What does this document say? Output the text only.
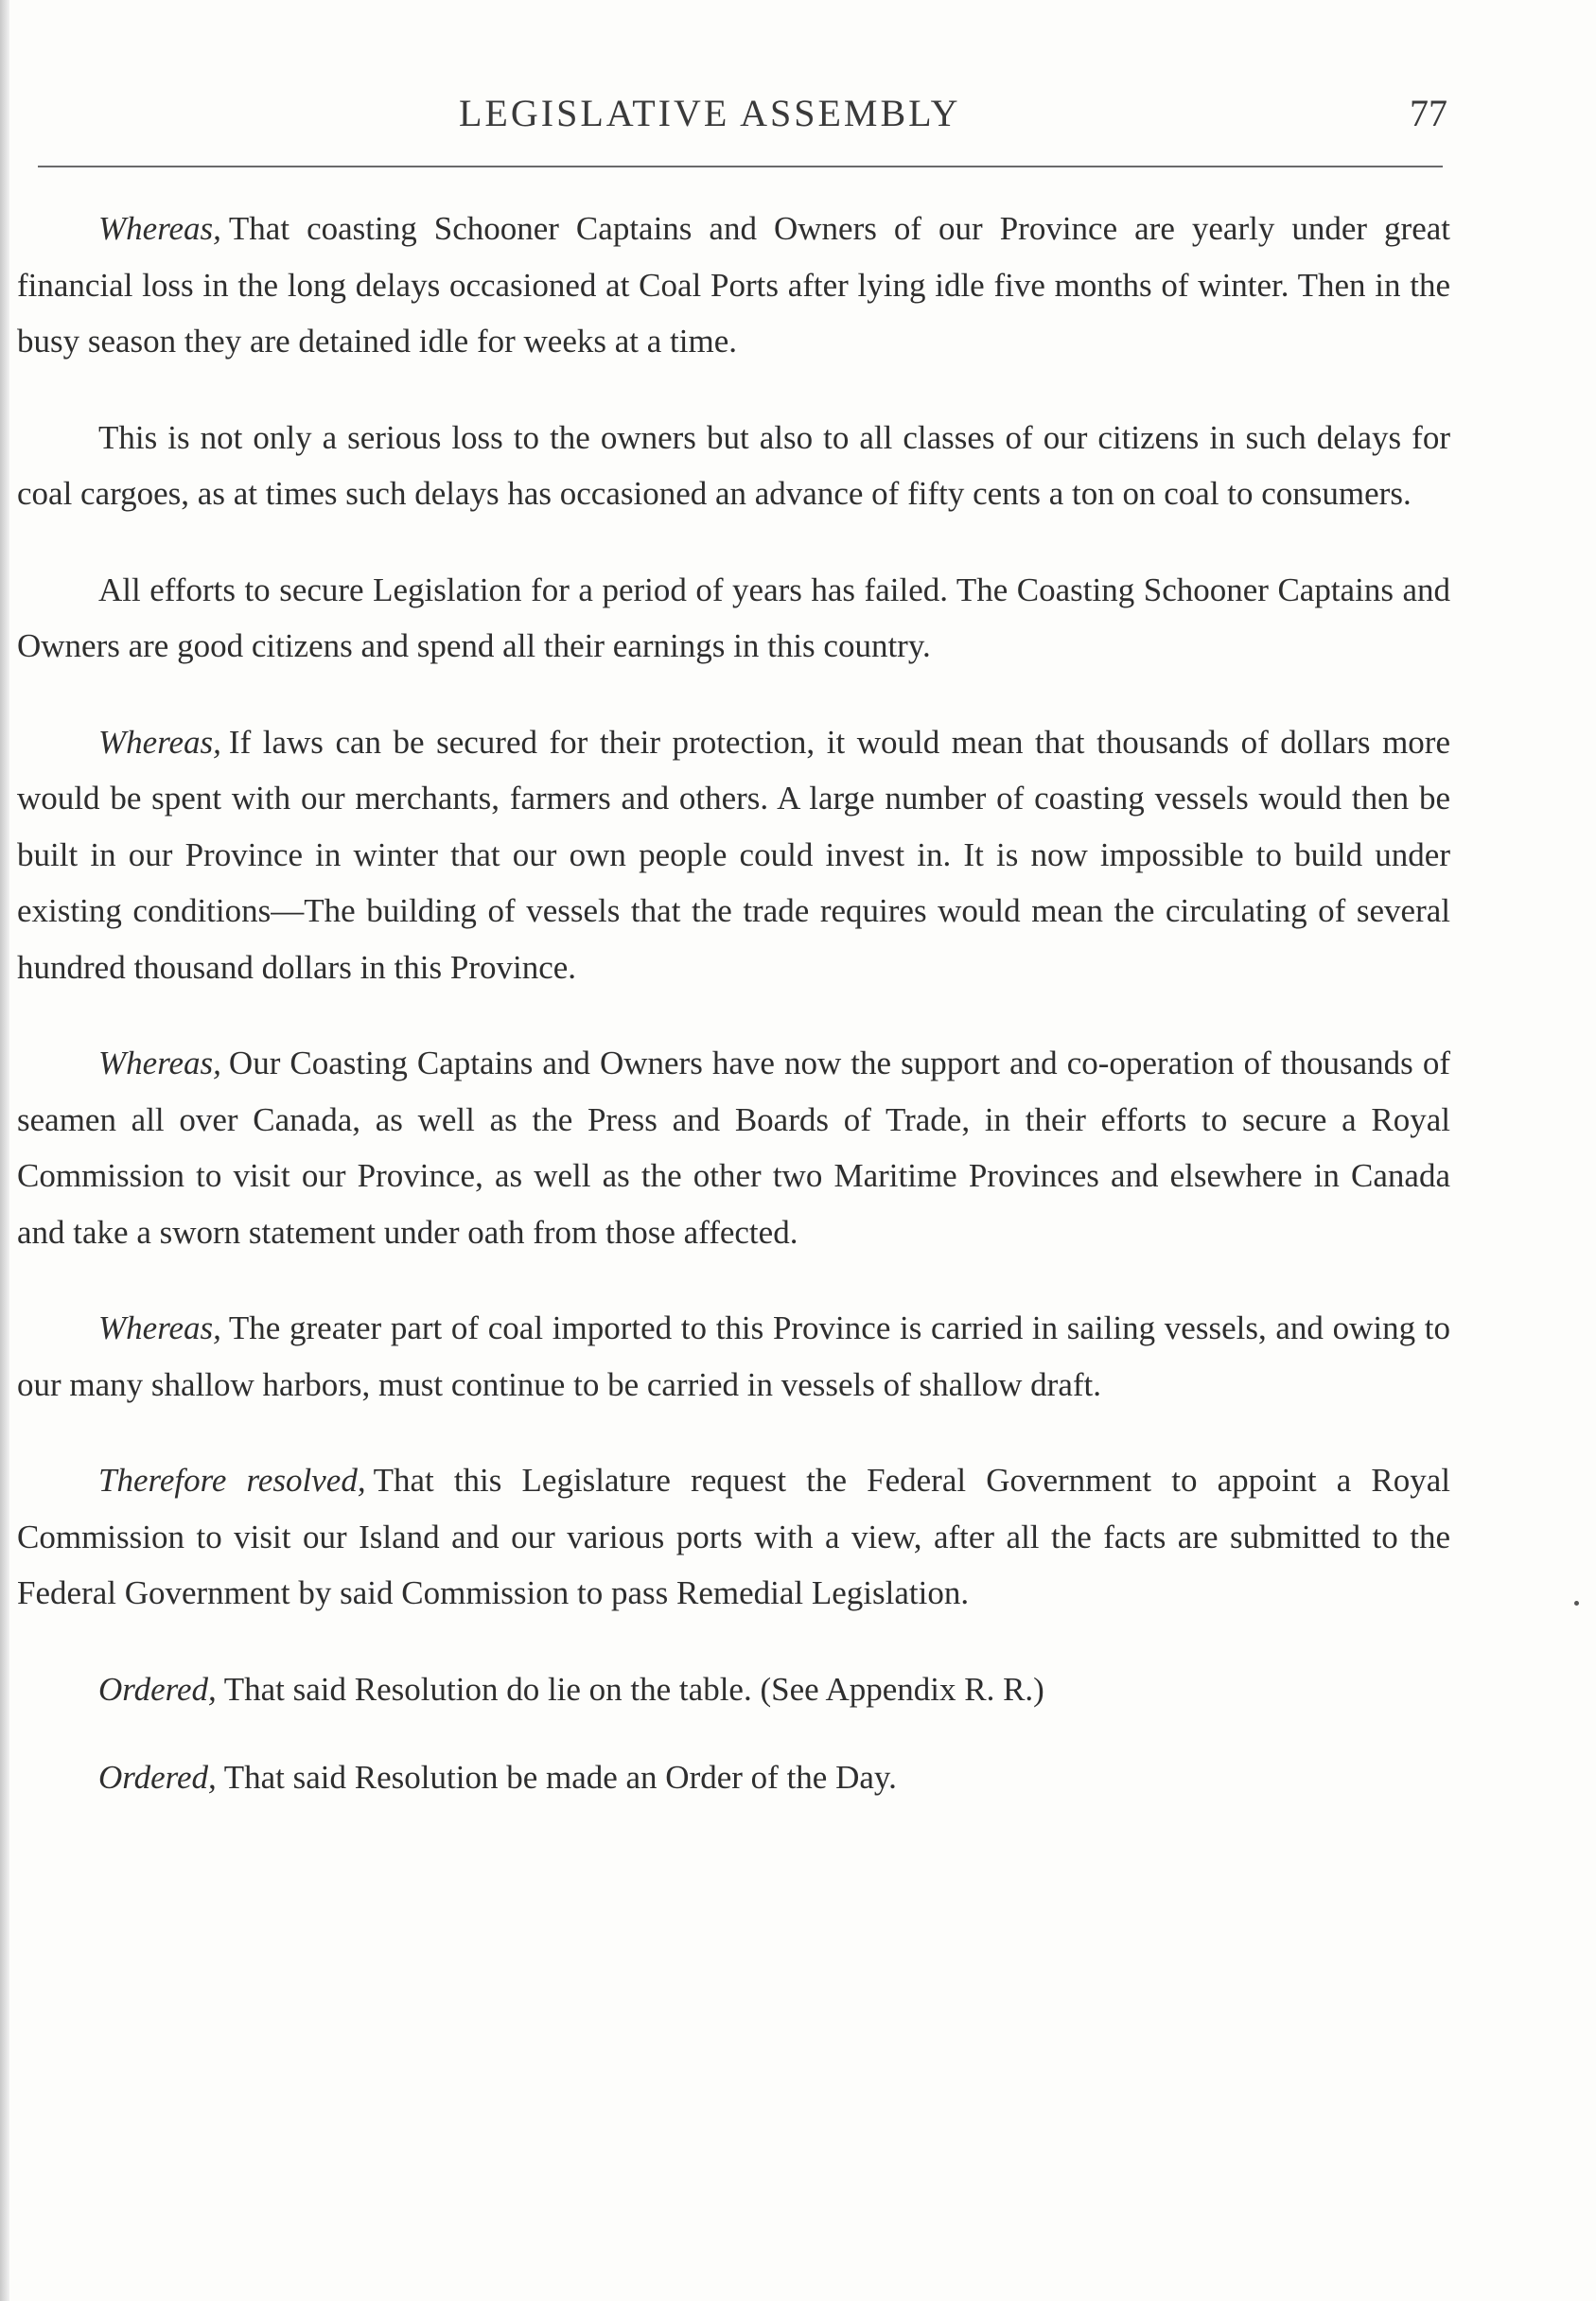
LEGISLATIVE ASSEMBLY	77

Whereas, That coasting Schooner Captains and Owners of our Province are yearly under great financial loss in the long delays occasioned at Coal Ports after lying idle five months of winter. Then in the busy season they are detained idle for weeks at a time.

This is not only a serious loss to the owners but also to all classes of our citizens in such delays for coal cargoes, as at times such delays has occasioned an advance of fifty cents a ton on coal to consumers.

All efforts to secure Legislation for a period of years has failed. The Coasting Schooner Captains and Owners are good citizens and spend all their earnings in this country.

Whereas, If laws can be secured for their protection, it would mean that thousands of dollars more would be spent with our merchants, farmers and others. A large number of coasting vessels would then be built in our Province in winter that our own people could invest in. It is now impossible to build under existing conditions—The building of vessels that the trade requires would mean the circulating of several hundred thousand dollars in this Province.

Whereas, Our Coasting Captains and Owners have now the support and co-operation of thousands of seamen all over Canada, as well as the Press and Boards of Trade, in their efforts to secure a Royal Commission to visit our Province, as well as the other two Maritime Provinces and elsewhere in Canada and take a sworn statement under oath from those affected.

Whereas, The greater part of coal imported to this Province is carried in sailing vessels, and owing to our many shallow harbors, must continue to be carried in vessels of shallow draft.

Therefore resolved, That this Legislature request the Federal Government to appoint a Royal Commission to visit our Island and our various ports with a view, after all the facts are submitted to the Federal Government by said Commission to pass Remedial Legislation.

Ordered, That said Resolution do lie on the table. (See Appendix R. R.)

Ordered, That said Resolution be made an Order of the Day.
